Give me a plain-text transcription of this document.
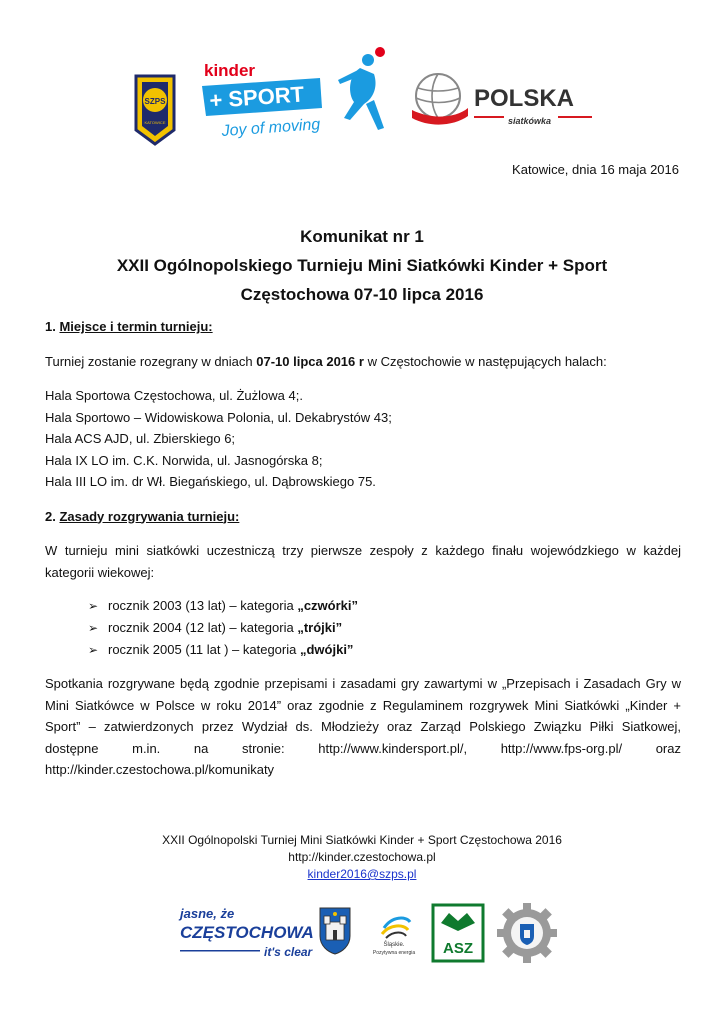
SZPS
KATOWICE
kinder
+ SPORT
Joy of moving
POLSKA
siatkówka
Katowice, dnia 16 maja 2016
Komunikat nr 1
XXII Ogólnopolskiego Turnieju Mini Siatkówki Kinder + Sport
Częstochowa 07-10 lipca 2016

1. Miejsce i termin turnieju:

Turniej zostanie rozegrany w dniach 07-10 lipca 2016 r w Częstochowie w następujących halach:

Hala Sportowa Częstochowa, ul. Żużlowa 4;.

Hala Sportowo – Widowiskowa Polonia, ul. Dekabrystów 43;

Hala ACS AJD, ul. Zbierskiego 6;

Hala IX LO im. C.K. Norwida, ul. Jasnogórska 8;

Hala III LO im. dr Wł. Biegańskiego, ul. Dąbrowskiego 75.

2. Zasady rozgrywania turnieju:

W turnieju mini siatkówki uczestniczą trzy pierwsze zespoły z każdego finału wojewódzkiego w każdej kategorii wiekowej:

➢ rocznik 2003 (13 lat) – kategoria „czwórki”
➢ rocznik 2004 (12 lat) – kategoria „trójki”
➢ rocznik 2005 (11 lat ) – kategoria „dwójki”

Spotkania rozgrywane będą zgodnie przepisami i zasadami gry zawartymi w „Przepisach i Zasadach Gry w Mini Siatkówce w Polsce w roku 2014” oraz zgodnie z Regulaminem rozgrywek Mini Siatkówki „Kinder + Sport” – zatwierdzonych przez Wydział ds. Młodzieży oraz Zarząd Polskiego Związku Piłki Siatkowej, dostępne m.in. na stronie: http://www.kindersport.pl/, http://www.fps-org.pl/ oraz http://kinder.czestochowa.pl/komunikaty

XXII Ogólnopolski Turniej Mini Siatkówki Kinder + Sport Częstochowa 2016
http://kinder.czestochowa.pl
kinder2016@szps.pl
jasne, że
CZĘSTOCHOWA
it's clear	Śląskie.
Pozytywna energia ASZ
